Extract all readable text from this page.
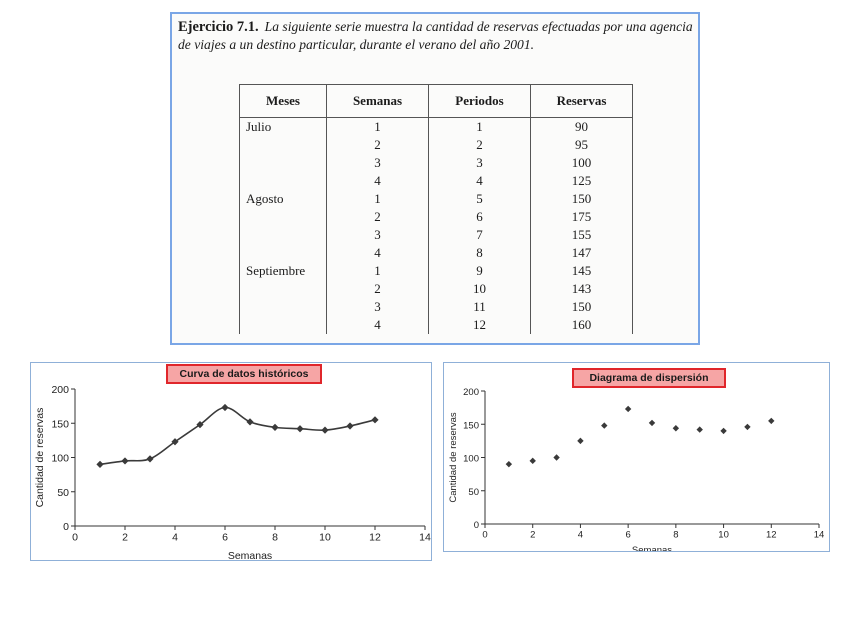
Ejercicio 7.1. La siguiente serie muestra la cantidad de reservas efectuadas por una agencia de viajes a un destino particular, durante el verano del año 2001.
Meses	Semanas	Periodos	Reservas
Julio	1	1	90
	2	2	95
	3	3	100
	4	4	125
Agosto	1	5	150
	2	6	175
	3	7	155
	4	8	147
Septiembre	1	9	145
	2	10	143
	3	11	150
	4	12	160
0
50
100
150
200
0	2	4	6	8	10	12	14
Semanas
Cantidad de reservas
Curva de datos históricos
0
50
100
150
200
0	2	4	6	8	10	12	14
Semanas
Cantidad de reservas
Diagrama de dispersión
